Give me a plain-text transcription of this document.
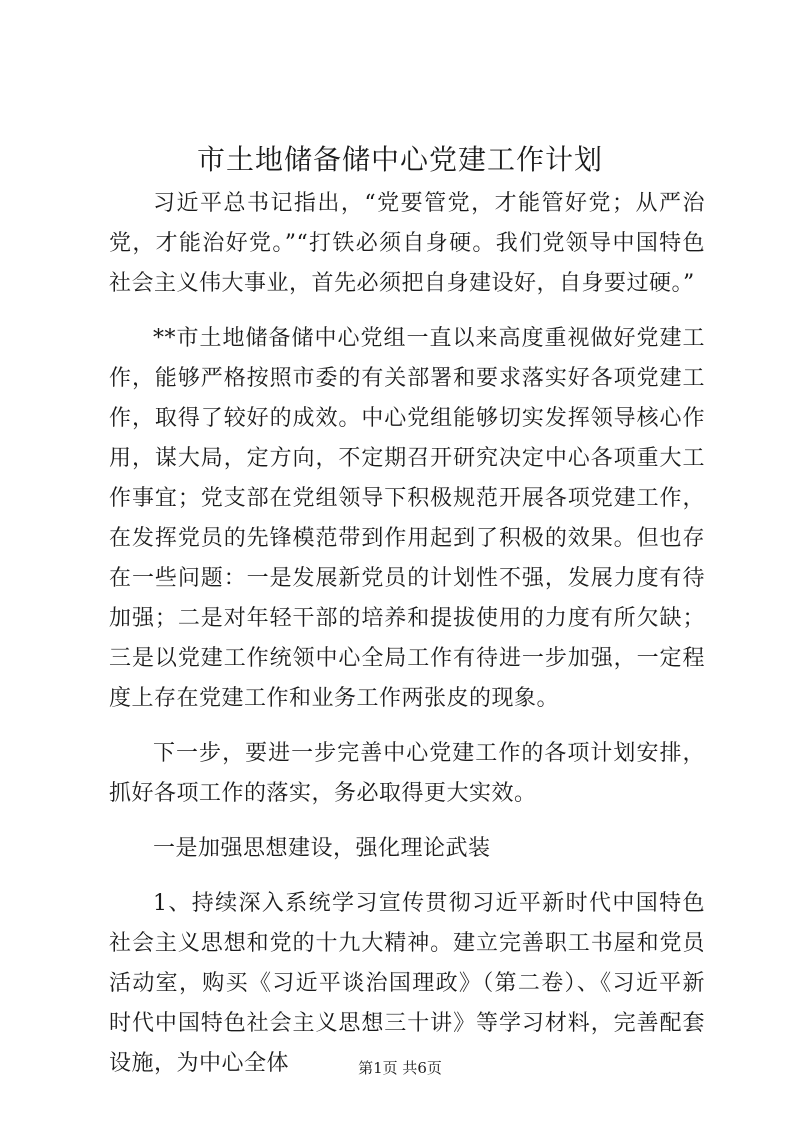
市土地储备储中心党建工作计划

习近平总书记指出，“党要管党，才能管好党；从严治党，才能治好党。”“打铁必须自身硬。我们党领导中国特色社会主义伟大事业，首先必须把自身建设好，自身要过硬。”

**市土地储备储中心党组一直以来高度重视做好党建工作，能够严格按照市委的有关部署和要求落实好各项党建工作，取得了较好的成效。中心党组能够切实发挥领导核心作用，谋大局，定方向，不定期召开研究决定中心各项重大工作事宜；党支部在党组领导下积极规范开展各项党建工作，在发挥党员的先锋模范带到作用起到了积极的效果。但也存在一些问题：一是发展新党员的计划性不强，发展力度有待加强；二是对年轻干部的培养和提拔使用的力度有所欠缺；三是以党建工作统领中心全局工作有待进一步加强，一定程度上存在党建工作和业务工作两张皮的现象。

下一步，要进一步完善中心党建工作的各项计划安排，抓好各项工作的落实，务必取得更大实效。

一是加强思想建设，强化理论武装

1、持续深入系统学习宣传贯彻习近平新时代中国特色社会主义思想和党的十九大精神。建立完善职工书屋和党员活动室，购买《习近平谈治国理政》（第二卷）、《习近平新时代中国特色社会主义思想三十讲》等学习材料，完善配套设施，为中心全体	第1页 共6页
